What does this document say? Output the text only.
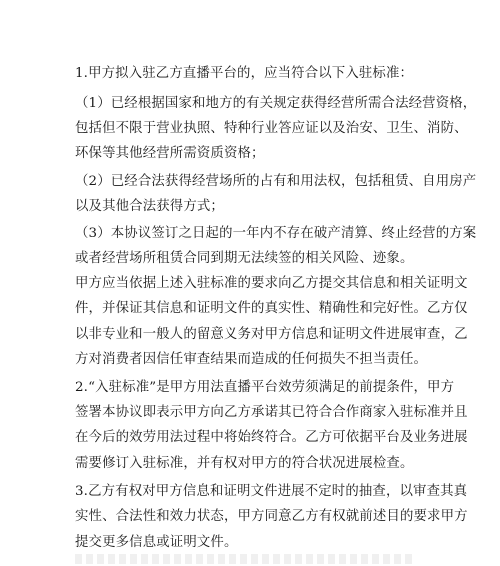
1.甲方拟入驻乙方直播平台的，应当符合以下入驻标准：
（1）已经根据国家和地方的有关规定获得经营所需合法经营资格，
包括但不限于营业执照、特种行业答应证以及治安、卫生、消防、
环保等其他经营所需资质资格；
（2）已经合法获得经营场所的占有和用法权，包括租赁、自用房产
以及其他合法获得方式；
（3）本协议签订之日起的一年内不存在破产清算、终止经营的方案
或者经营场所租赁合同到期无法续签的相关风险、迹象。
甲方应当依据上述入驻标准的要求向乙方提交其信息和相关证明文
件，并保证其信息和证明文件的真实性、精确性和完好性。乙方仅
以非专业和一般人的留意义务对甲方信息和证明文件进展审查，乙
方对消费者因信任审查结果而造成的任何损失不担当责任。
2.“入驻标准”是甲方用法直播平台效劳须满足的前提条件，甲方
签署本协议即表示甲方向乙方承诺其已符合合作商家入驻标准并且
在今后的效劳用法过程中将始终符合。乙方可依据平台及业务进展
需要修订入驻标准，并有权对甲方的符合状况进展检查。
3.乙方有权对甲方信息和证明文件进展不定时的抽查，以审查其真
实性、合法性和效力状态，甲方同意乙方有权就前述目的要求甲方
提交更多信息或证明文件。
